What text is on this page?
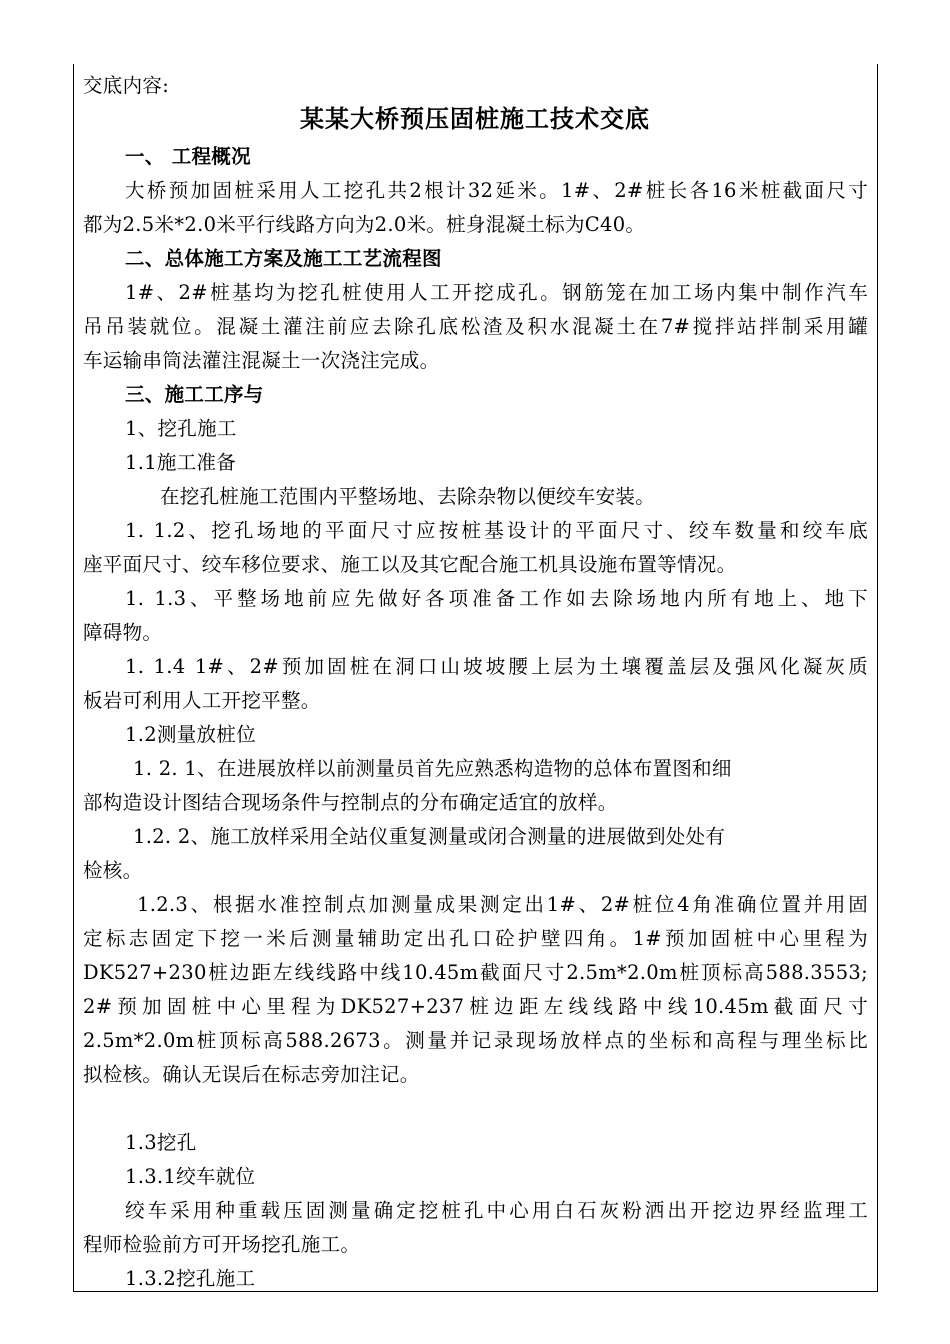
交底内容:
某某大桥预压固桩施工技术交底
一、 工程概况
大桥预加固桩采用人工挖孔共2根计32延米。1#、2#桩长各16米桩截面尺寸
都为2.5米*2.0米平行线路方向为2.0米。桩身混凝土标为C40。
二、总体施工方案及施工工艺流程图
1#、2#桩基均为挖孔桩使用人工开挖成孔。钢筋笼在加工场内集中制作汽车
吊吊装就位。混凝土灌注前应去除孔底松渣及积水混凝土在7#搅拌站拌制采用罐
车运输串筒法灌注混凝土一次浇注完成。
三、施工工序与
1、挖孔施工
1.1施工准备
在挖孔桩施工范围内平整场地、去除杂物以便绞车安装。
1. 1.2、挖孔场地的平面尺寸应按桩基设计的平面尺寸、绞车数量和绞车底
座平面尺寸、绞车移位要求、施工以及其它配合施工机具设施布置等情况。
1. 1.3、平整场地前应先做好各项准备工作如去除场地内所有地上、地下
障碍物。
1. 1.4 1#、2#预加固桩在洞口山坡坡腰上层为土壤覆盖层及强风化凝灰质
板岩可利用人工开挖平整。
1.2测量放桩位
1. 2. 1、在进展放样以前测量员首先应熟悉构造物的总体布置图和细
部构造设计图结合现场条件与控制点的分布确定适宜的放样。
1.2. 2、施工放样采用全站仪重复测量或闭合测量的进展做到处处有
检核。
1.2.3、根据水准控制点加测量成果测定出1#、2#桩位4角准确位置并用固
定标志固定下挖一米后测量辅助定出孔口砼护壁四角。1#预加固桩中心里程为
DK527+230桩边距左线线路中线10.45m截面尺寸2.5m*2.0m桩顶标高588.3553;
2#预加固桩中心里程为DK527+237桩边距左线线路中线10.45m截面尺寸
2.5m*2.0m桩顶标高588.2673。测量并记录现场放样点的坐标和高程与理坐标比
拟检核。确认无误后在标志旁加注记。
1.3挖孔
1.3.1绞车就位
绞车采用种重载压固测量确定挖桩孔中心用白石灰粉洒出开挖边界经监理工
程师检验前方可开场挖孔施工。
1.3.2挖孔施工
